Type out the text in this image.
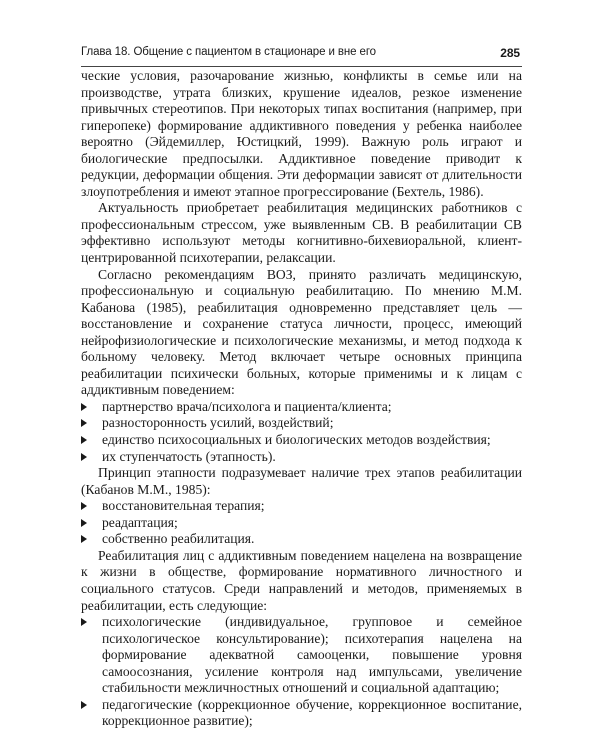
Глава 18. Общение с пациентом в стационаре и вне его	285

ческие условия, разочарование жизнью, конфликты в семье или на производстве, утрата близких, крушение идеалов, резкое изменение привычных стереотипов. При некоторых типах воспитания (например, при гиперопеке) формирование аддиктивного поведения у ребенка наиболее вероятно (Эйдемиллер, Юстицкий, 1999). Важную роль играют и биологические предпосылки. Аддиктивное поведение приводит к редукции, деформации общения. Эти деформации зависят от длительности злоупотребления и имеют этапное прогрессирование (Бехтель, 1986).

Актуальность приобретает реабилитация медицинских работников с профессиональным стрессом, уже выявленным СВ. В реабилитации СВ эффективно используют методы когнитивно-бихевиоральной, клиент-центрированной психотерапии, релаксации.

Согласно рекомендациям ВОЗ, принято различать медицинскую, профессиональную и социальную реабилитацию. По мнению М.М. Кабанова (1985), реабилитация одновременно представляет цель — восстановление и сохранение статуса личности, процесс, имеющий нейрофизиологические и психологические механизмы, и метод подхода к больному человеку. Метод включает четыре основных принципа реабилитации психически больных, которые применимы и к лицам с аддиктивным поведением:

партнерство врача/психолога и пациента/клиента;
разносторонность усилий, воздействий;
единство психосоциальных и биологических методов воздействия;
их ступенчатость (этапность).

Принцип этапности подразумевает наличие трех этапов реабилитации (Кабанов М.М., 1985):

восстановительная терапия;
реадаптация;
собственно реабилитация.

Реабилитация лиц с аддиктивным поведением нацелена на возвращение к жизни в обществе, формирование нормативного личностного и социального статусов. Среди направлений и методов, применяемых в реабилитации, есть следующие:

психологические (индивидуальное, групповое и семейное психологическое консультирование); психотерапия нацелена на формирование адекватной самооценки, повышение уровня самоосознания, усиление контроля над импульсами, увеличение стабильности межличностных отношений и социальной адаптацию;
педагогические (коррекционное обучение, коррекционное воспитание, коррекционное развитие);
